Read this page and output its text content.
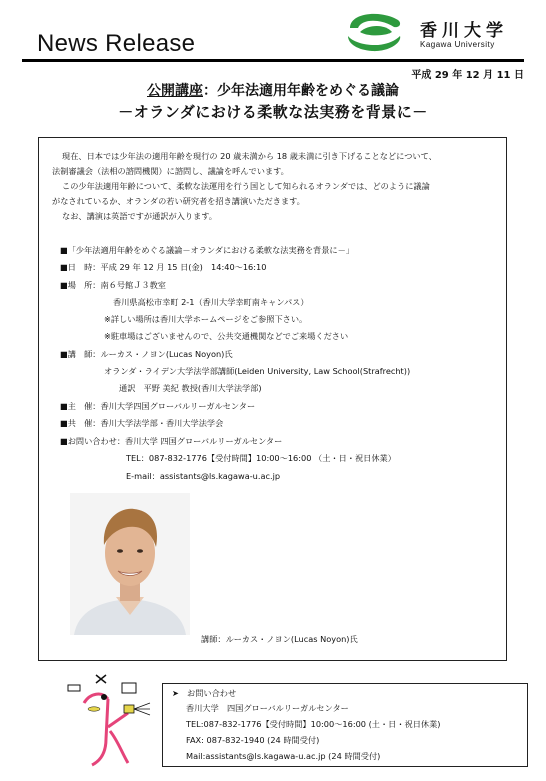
News Release	香川大学
Kagawa University
平成 29 年 12 月 11 日
公開講座：少年法適用年齢をめぐる議論
－オランダにおける柔軟な法実務を背景に－
現在、日本では少年法の適用年齢を現行の 20 歳未満から 18 歳未満に引き下げることなどについて、
法制審議会（法相の諮問機関）に諮問し、議論を呼んでいます。
この少年法適用年齢について、柔軟な法運用を行う国として知られるオランダでは、どのように議論
がなされているか、オランダの若い研究者を招き講演いただきます。
なお、講演は英語ですが通訳が入ります。
■「少年法適用年齢をめぐる議論－オランダにおける柔軟な法実務を背景に－」
■日　時：平成 29 年 12 月 15 日(金)　14:40～16:10
■場　所：南６号館Ｊ３教室
香川県高松市幸町 2-1（香川大学幸町南キャンパス）
※詳しい場所は香川大学ホームページをご参照下さい。
※駐車場はございませんので、公共交通機関などでご来場ください
■講　師：ルーカス・ノヨン(Lucas Noyon)氏
オランダ・ライデン大学法学部講師(Leiden University, Law School(Strafrecht))
通訳　平野 美紀 教授(香川大学法学部)
■主　催：香川大学四国グローバルリーガルセンター
■共　催：香川大学法学部・香川大学法学会
■お問い合わせ：香川大学 四国グローバルリーガルセンター
TEL：087-832-1776【受付時間】10:00～16:00 （土・日・祝日休業）
E-mail：assistants@ls.kagawa-u.ac.jp
講師：ルーカス・ノヨン(Lucas Noyon)氏
➤　お問い合わせ
香川大学　四国グローバルリーガルセンター
TEL:087-832-1776【受付時間】10:00～16:00 (土・日・祝日休業)
FAX: 087-832-1940 (24 時間受付)
Mail:assistants@ls.kagawa-u.ac.jp (24 時間受付)
